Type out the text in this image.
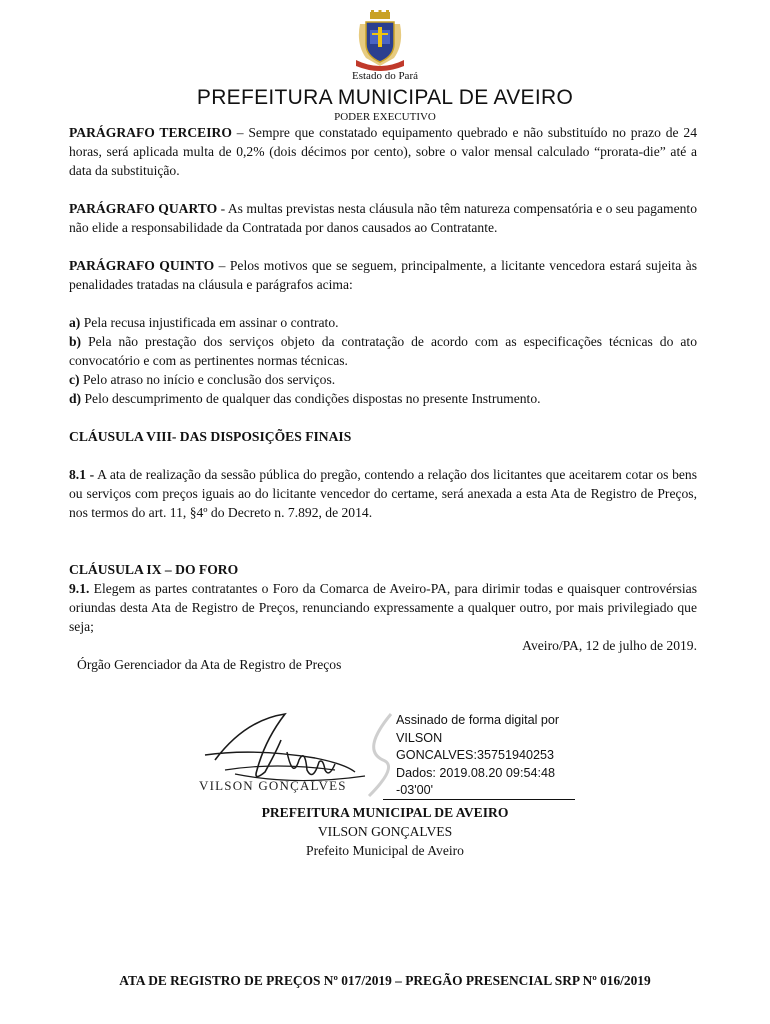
Estado do Pará
PREFEITURA MUNICIPAL DE AVEIRO
PODER EXECUTIVO

PARÁGRAFO TERCEIRO – Sempre que constatado equipamento quebrado e não substituído no prazo de 24 horas, será aplicada multa de 0,2% (dois décimos por cento), sobre o valor mensal calculado “prorata-die” até a data da substituição.

PARÁGRAFO QUARTO - As multas previstas nesta cláusula não têm natureza compensatória e o seu pagamento não elide a responsabilidade da Contratada por danos causados ao Contratante.

PARÁGRAFO QUINTO – Pelos motivos que se seguem, principalmente, a licitante vencedora estará sujeita às penalidades tratadas na cláusula e parágrafos acima:

a) Pela recusa injustificada em assinar o contrato.

b) Pela não prestação dos serviços objeto da contratação de acordo com as especificações técnicas do ato convocatório e com as pertinentes normas técnicas.

c) Pelo atraso no início e conclusão dos serviços.

d) Pelo descumprimento de qualquer das condições dispostas no presente Instrumento.

CLÁUSULA VIII- DAS DISPOSIÇÕES FINAIS

8.1 - A ata de realização da sessão pública do pregão, contendo a relação dos licitantes que aceitarem cotar os bens ou serviços com preços iguais ao do licitante vencedor do certame, será anexada a esta Ata de Registro de Preços, nos termos do art. 11, §4º do Decreto n. 7.892, de 2014.

CLÁUSULA IX – DO FORO

9.1. Elegem as partes contratantes o Foro da Comarca de Aveiro-PA, para dirimir todas e quaisquer controvérsias oriundas desta Ata de Registro de Preços, renunciando expressamente a qualquer outro, por mais privilegiado que seja;

Aveiro/PA, 12 de julho de 2019.

Órgão Gerenciador da Ata de Registro de Preços

VILSON GONÇALVES
Assinado de forma digital por
VILSON
GONCALVES:35751940253
Dados: 2019.08.20 09:54:48
-03'00'
PREFEITURA MUNICIPAL DE AVEIRO
VILSON GONÇALVES
Prefeito Municipal de Aveiro
ATA DE REGISTRO DE PREÇOS Nº 017/2019 – PREGÃO PRESENCIAL SRP Nº 016/2019
